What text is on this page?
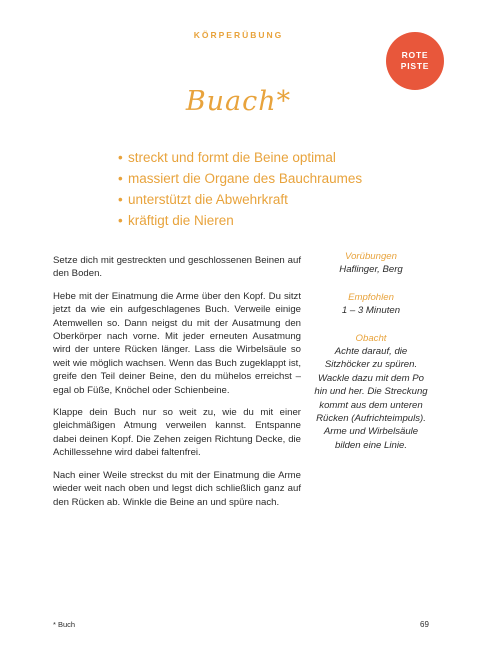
KÖRPERÜBUNG
ROTE
PISTE
Buach*
• streckt und formt die Beine optimal
• massiert die Organe des Bauchraumes
• unterstützt die Abwehrkraft
• kräftigt die Nieren

Setze dich mit gestreckten und geschlossenen Beinen auf den Boden.

Hebe mit der Einatmung die Arme über den Kopf. Du sitzt jetzt da wie ein aufgeschlagenes Buch. Verweile einige Atemwellen so. Dann neigst du mit der Ausatmung den Oberkörper nach vorne. Mit jeder erneuten Ausatmung wird der untere Rücken länger. Lass die Wirbelsäule so weit wie möglich wachsen. Wenn das Buch zugeklappt ist, greife den Teil deiner Beine, den du mühelos erreichst – egal ob Füße, Knöchel oder Schienbeine.

Klappe dein Buch nur so weit zu, wie du mit einer gleichmäßigen Atmung verweilen kannst. Entspanne dabei deinen Kopf. Die Zehen zeigen Richtung Decke, die Achillessehne wird dabei faltenfrei.

Nach einer Weile streckst du mit der Einatmung die Arme wieder weit nach oben und legst dich schließlich ganz auf den Rücken ab. Winkle die Beine an und spüre nach.

Vorübungen
Haflinger, Berg
Empfohlen
1 – 3 Minuten
Obacht
Achte darauf, die Sitzhöcker zu spüren. Wackle dazu mit dem Po hin und her. Die Streckung kommt aus dem unteren Rücken (Aufrichteimpuls). Arme und Wirbelsäule bilden eine Linie.
* Buch	69
